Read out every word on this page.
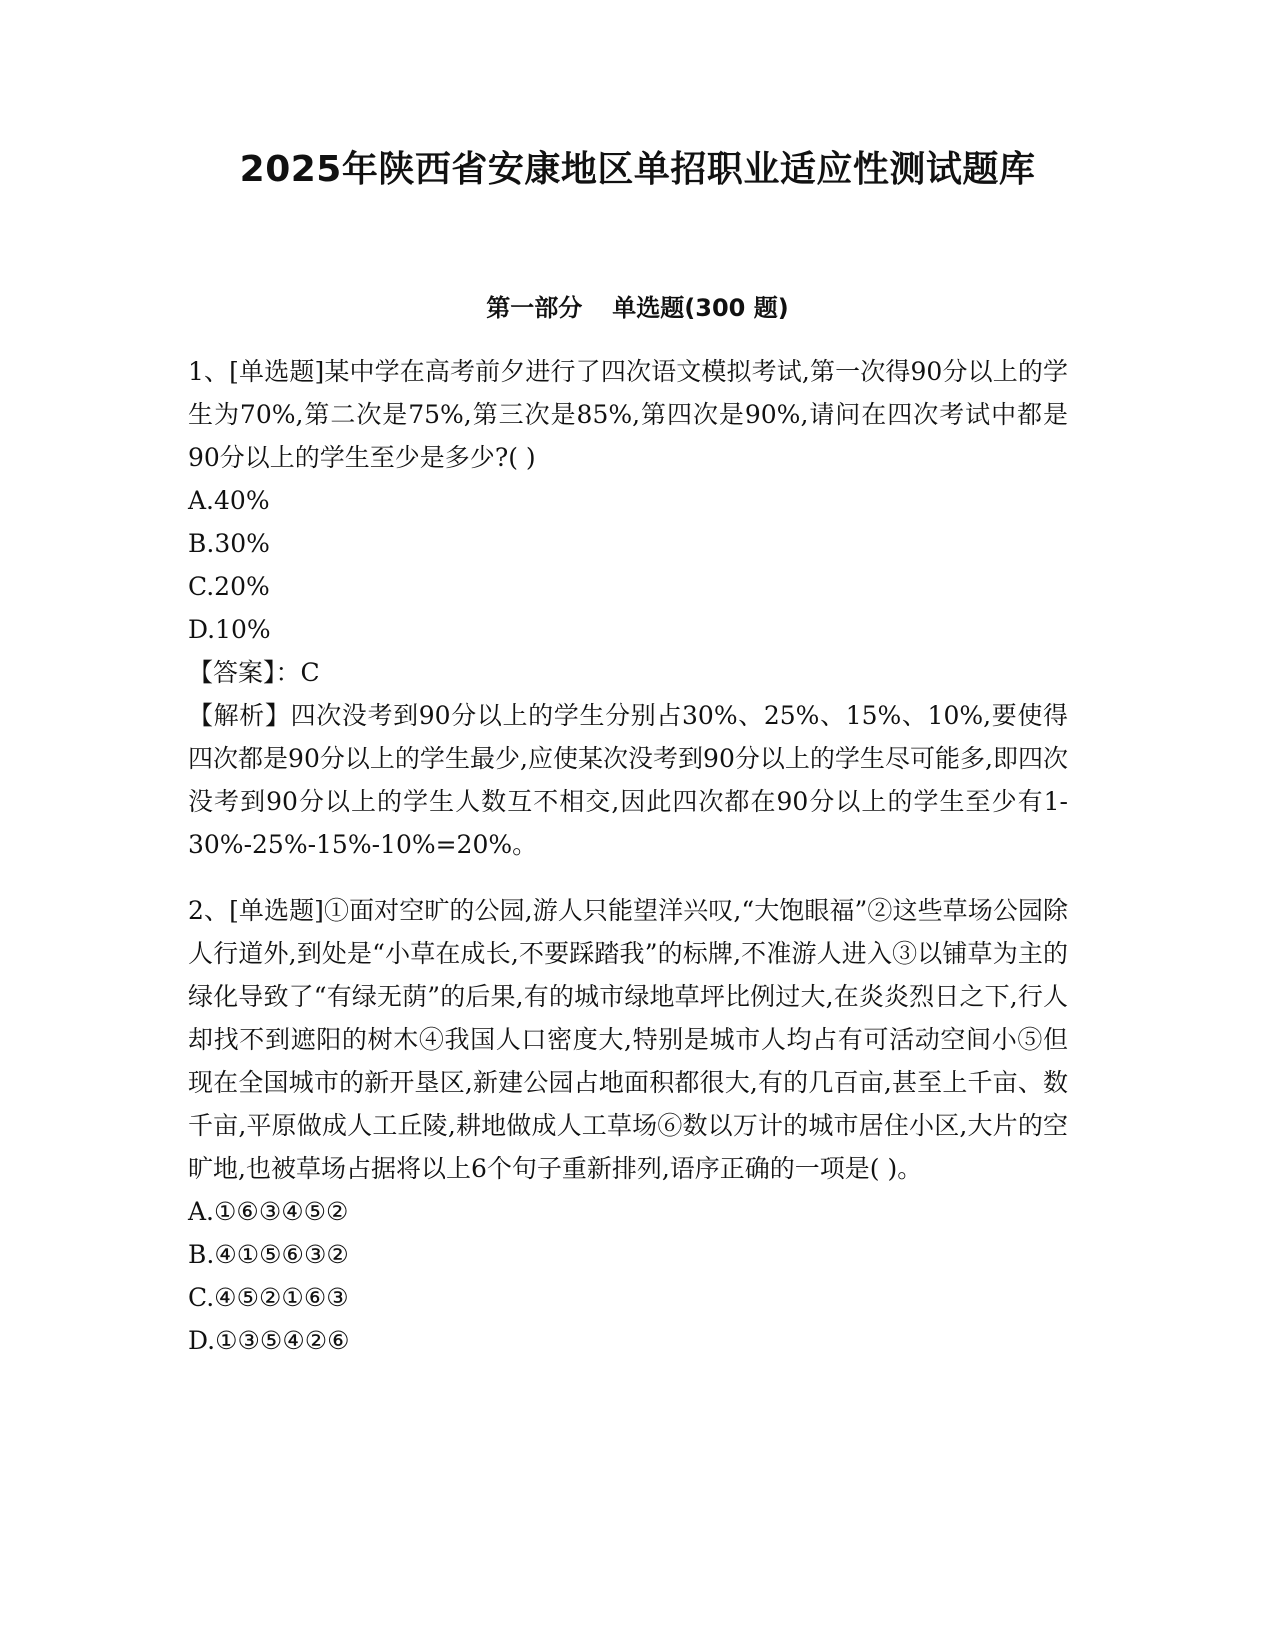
2025年陕西省安康地区单招职业适应性测试题库
第一部分 单选题(300 题)

1、[单选题]某中学在高考前夕进行了四次语文模拟考试,第一次得90分以上的学生为70%,第二次是75%,第三次是85%,第四次是90%,请问在四次考试中都是90分以上的学生至少是多少?( )

A.40%

B.30%

C.20%

D.10%

【答案】：C

【解析】四次没考到90分以上的学生分别占30%、25%、15%、10%,要使得四次都是90分以上的学生最少,应使某次没考到90分以上的学生尽可能多,即四次没考到90分以上的学生人数互不相交,因此四次都在90分以上的学生至少有1-30%-25%-15%-10%=20%。

2、[单选题]①面对空旷的公园,游人只能望洋兴叹,“大饱眼福”②这些草场公园除人行道外,到处是“小草在成长,不要踩踏我”的标牌,不准游人进入③以铺草为主的绿化导致了“有绿无荫”的后果,有的城市绿地草坪比例过大,在炎炎烈日之下,行人却找不到遮阳的树木④我国人口密度大,特别是城市人均占有可活动空间小⑤但现在全国城市的新开垦区,新建公园占地面积都很大,有的几百亩,甚至上千亩、数千亩,平原做成人工丘陵,耕地做成人工草场⑥数以万计的城市居住小区,大片的空旷地,也被草场占据将以上6个句子重新排列,语序正确的一项是( )。

A.①⑥③④⑤②

B.④①⑤⑥③②

C.④⑤②①⑥③

D.①③⑤④②⑥
